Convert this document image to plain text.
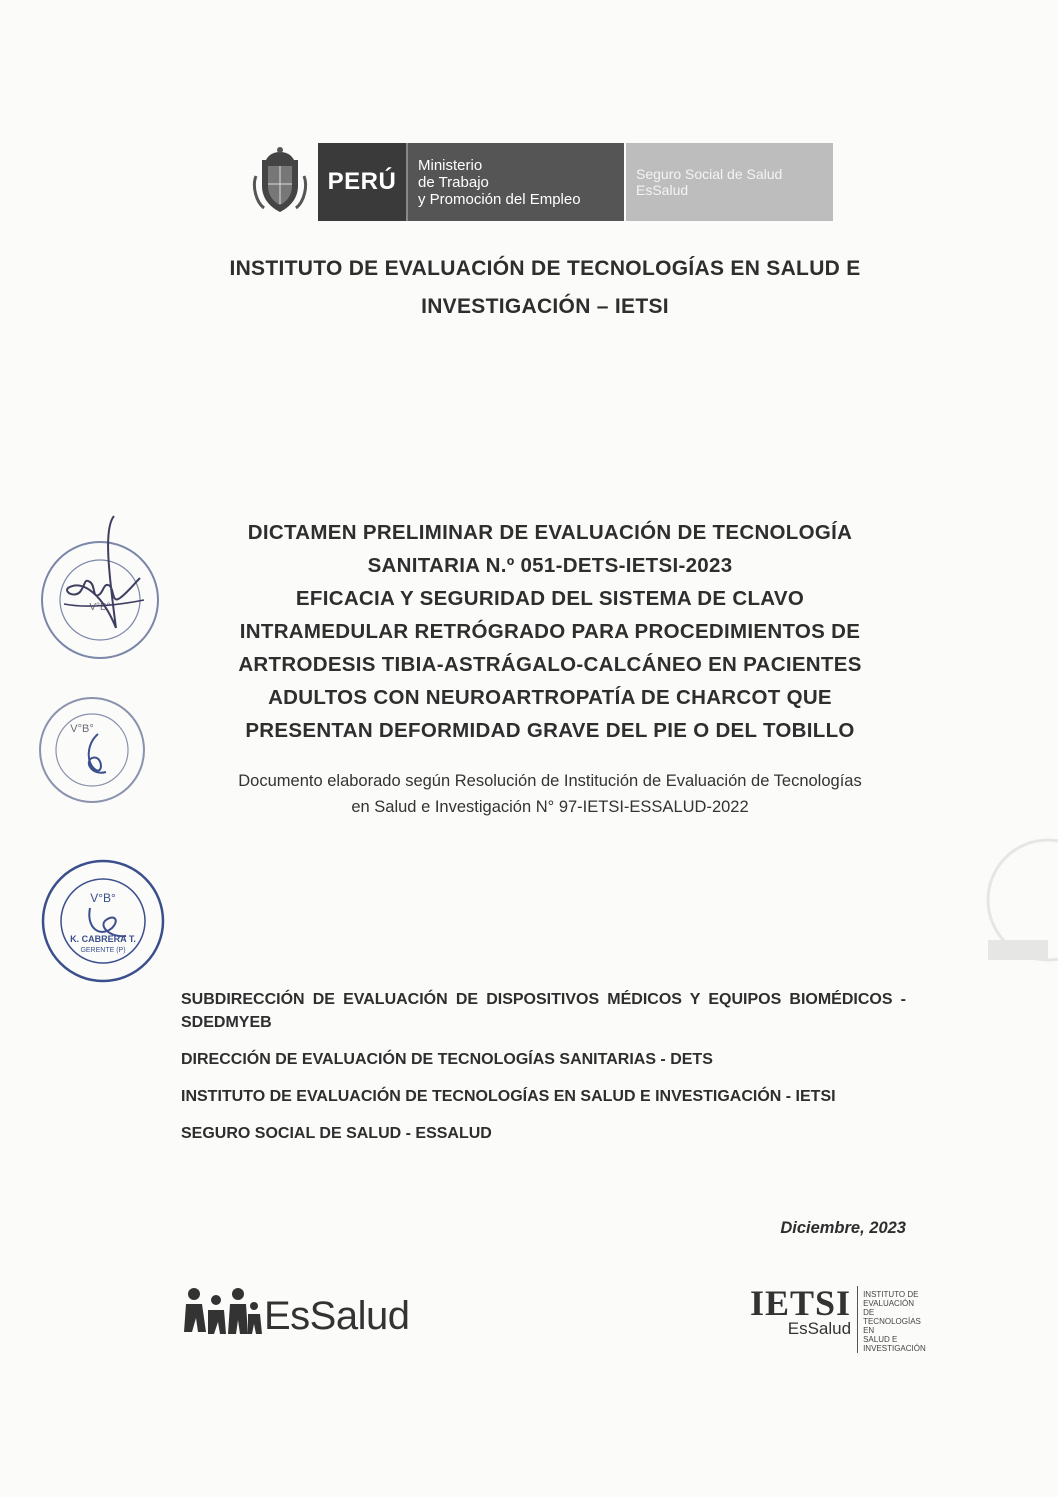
PERÚ
Ministerio
de Trabajo
y Promoción del Empleo
Seguro Social de Salud
EsSalud
INSTITUTO DE EVALUACIÓN DE TECNOLOGÍAS EN SALUD E
INVESTIGACIÓN – IETSI
DICTAMEN PRELIMINAR DE EVALUACIÓN DE TECNOLOGÍA
SANITARIA N.º 051-DETS-IETSI-2023
EFICACIA Y SEGURIDAD DEL SISTEMA DE CLAVO
INTRAMEDULAR RETRÓGRADO PARA PROCEDIMIENTOS DE
ARTRODESIS TIBIA-ASTRÁGALO-CALCÁNEO EN PACIENTES
ADULTOS CON NEUROARTROPATÍA DE CHARCOT QUE
PRESENTAN DEFORMIDAD GRAVE DEL PIE O DEL TOBILLO
Documento elaborado según Resolución de Institución de Evaluación de Tecnologías
en Salud e Investigación N° 97-IETSI-ESSALUD-2022
V°B°
V°B°
V°B°
K. CABRERA T.
GERENTE (P)

SUBDIRECCIÓN DE EVALUACIÓN DE DISPOSITIVOS MÉDICOS Y EQUIPOS BIOMÉDICOS - SDEDMYEB

DIRECCIÓN DE EVALUACIÓN DE TECNOLOGÍAS SANITARIAS - DETS

INSTITUTO DE EVALUACIÓN DE TECNOLOGÍAS EN SALUD E INVESTIGACIÓN - IETSI

SEGURO SOCIAL DE SALUD - ESSALUD

Diciembre, 2023
EsSalud	IETSI
EsSalud
INSTITUTO DE
EVALUACIÓN DE
TECNOLOGÍAS EN
SALUD E
INVESTIGACIÓN
